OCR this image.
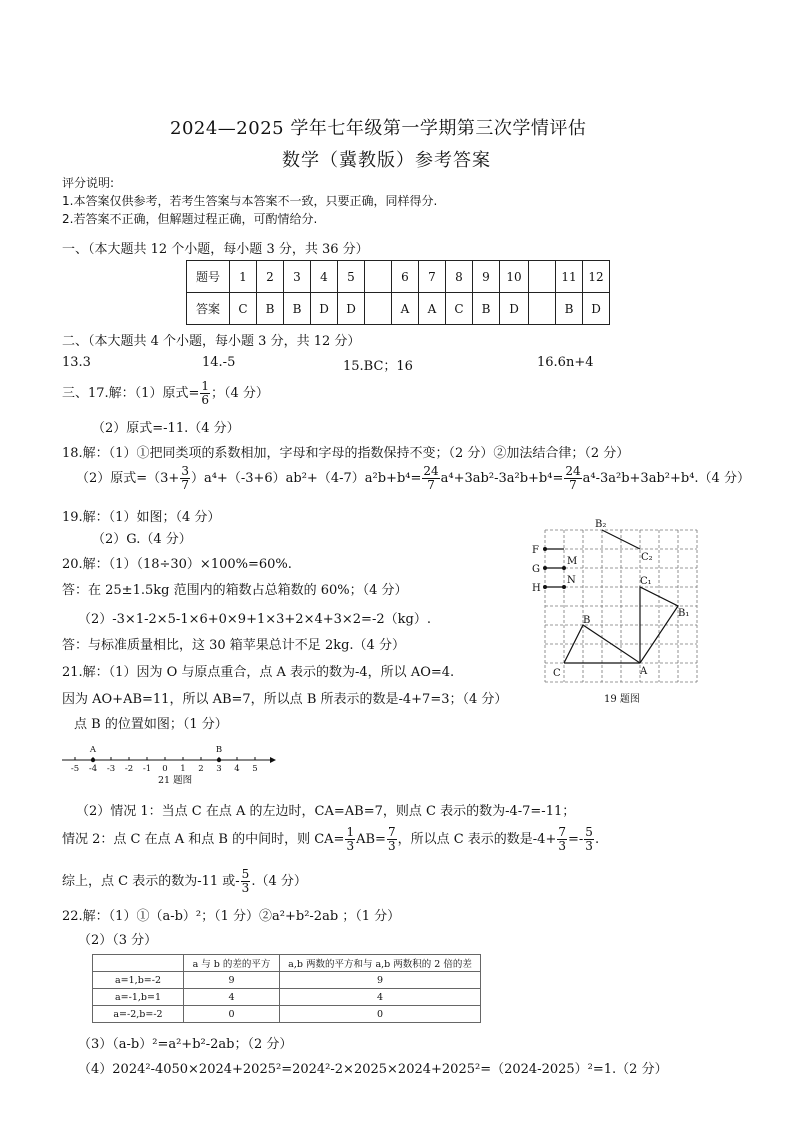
2024—2025 学年七年级第一学期第三次学情评估
数学（冀教版）参考答案
评分说明:
1.本答案仅供参考，若考生答案与本答案不一致，只要正确，同样得分.
2.若答案不正确，但解题过程正确，可酌情给分.
一、（本大题共 12 个小题，每小题 3 分，共 36 分）
题号	1	2	3	4	5		6	7	8	9	10		11	12
答案	C	B	B	D	D		A	A	C	B	D		B	D
二、（本大题共 4 个小题，每小题 3 分，共 12 分）
13.3	14.-5	15.BC；16	16.6n+4
三、17.解：（1）原式= $\frac{1}{6}$ ；（4 分）
（2）原式=-11.（4 分）
18.解：（1）①把同类项的系数相加，字母和字母的指数保持不变；（2 分）②加法结合律；（2 分）
（2）原式$=(3+ \frac{3}{7} )a^4+(-3+6)ab^2+(4-7)a^2b+b^4= \frac{24}{7} a^4+3ab^2-3a^2b+b^4= \frac{24}{7} a^4-3a^2b+3ab^2+b^4.(4$ 分）
19.解：（1）如图；（4 分）
（2）G.（4 分）
F
G
H
M
N
B₂
C₂
C₁
B₁
B
C	A
19 题图
20.解：（1）（18÷30）×100%=60%.
答：在 25±1.5kg 范围内的箱数占总箱数的 60%；（4 分）
（2）-3×1-2×5-1×6+0×9+1×3+2×4+3×2=-2（kg）.
答：与标准质量相比，这 30 箱苹果总计不足 2kg.（4 分）
21.解：（1）因为 O 与原点重合，点 A 表示的数为-4，所以 AO=4.
因为 AO+AB=11，所以 AB=7，所以点 B 所表示的数是-4+7=3；（4 分）
点 B 的位置如图；（1 分）
A	B
-5 -4 -3 -2 -1 0 1 2 3 4 5
21 题图
（2）情况 1：当点 C 在点 A 的左边时，CA=AB=7，则点 C 表示的数为-4-7=-11；
情况 2：点 C 在点 A 和点 B 的中间时，则 $CA= \frac{1}{3} AB= \frac{7}{3}$ ，所以点 C 表示的数是$-4+ \frac{7}{3} =- \frac{5}{3}$ .
综上，点 C 表示的数为-11 或- $\frac{5}{3} .(4$ 分）
22.解：（1）①（a-b）²；（1 分）②a²+b²-2ab ；（1 分）
（2）（3 分）
	a 与 b 的差的平方	a,b 两数的平方和与 a,b 两数积的 2 倍的差
a=1,b=-2	9	9
a=-1,b=1	4	4
a=-2,b=-2	0	0
（3）（a-b）²=a²+b²-2ab；（2 分）
（4）2024²-4050×2024+2025²=2024²-2×2025×2024+2025²=（2024-2025）²=1.（2 分）
